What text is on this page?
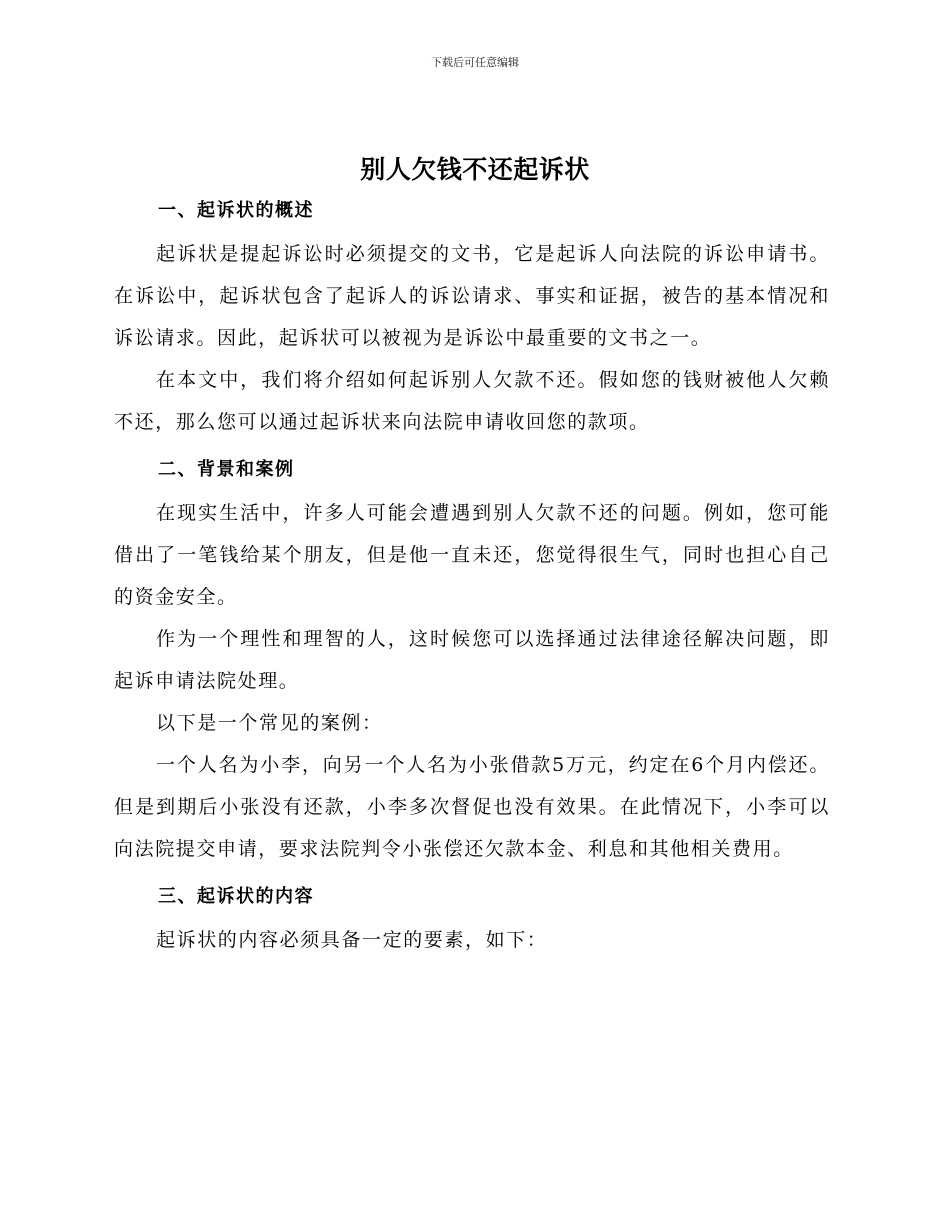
下载后可任意编辑
别人欠钱不还起诉状
一、起诉状的概述
起诉状是提起诉讼时必须提交的文书，它是起诉人向法院的诉讼申请书。在诉讼中，起诉状包含了起诉人的诉讼请求、事实和证据，被告的基本情况和诉讼请求。因此，起诉状可以被视为是诉讼中最重要的文书之一。
在本文中，我们将介绍如何起诉别人欠款不还。假如您的钱财被他人欠赖不还，那么您可以通过起诉状来向法院申请收回您的款项。
二、背景和案例
在现实生活中，许多人可能会遭遇到别人欠款不还的问题。例如，您可能借出了一笔钱给某个朋友，但是他一直未还，您觉得很生气，同时也担心自己的资金安全。
作为一个理性和理智的人，这时候您可以选择通过法律途径解决问题，即起诉申请法院处理。
以下是一个常见的案例：
一个人名为小李，向另一个人名为小张借款5万元，约定在6个月内偿还。但是到期后小张没有还款，小李多次督促也没有效果。在此情况下，小李可以向法院提交申请，要求法院判令小张偿还欠款本金、利息和其他相关费用。
三、起诉状的内容
起诉状的内容必须具备一定的要素，如下：
